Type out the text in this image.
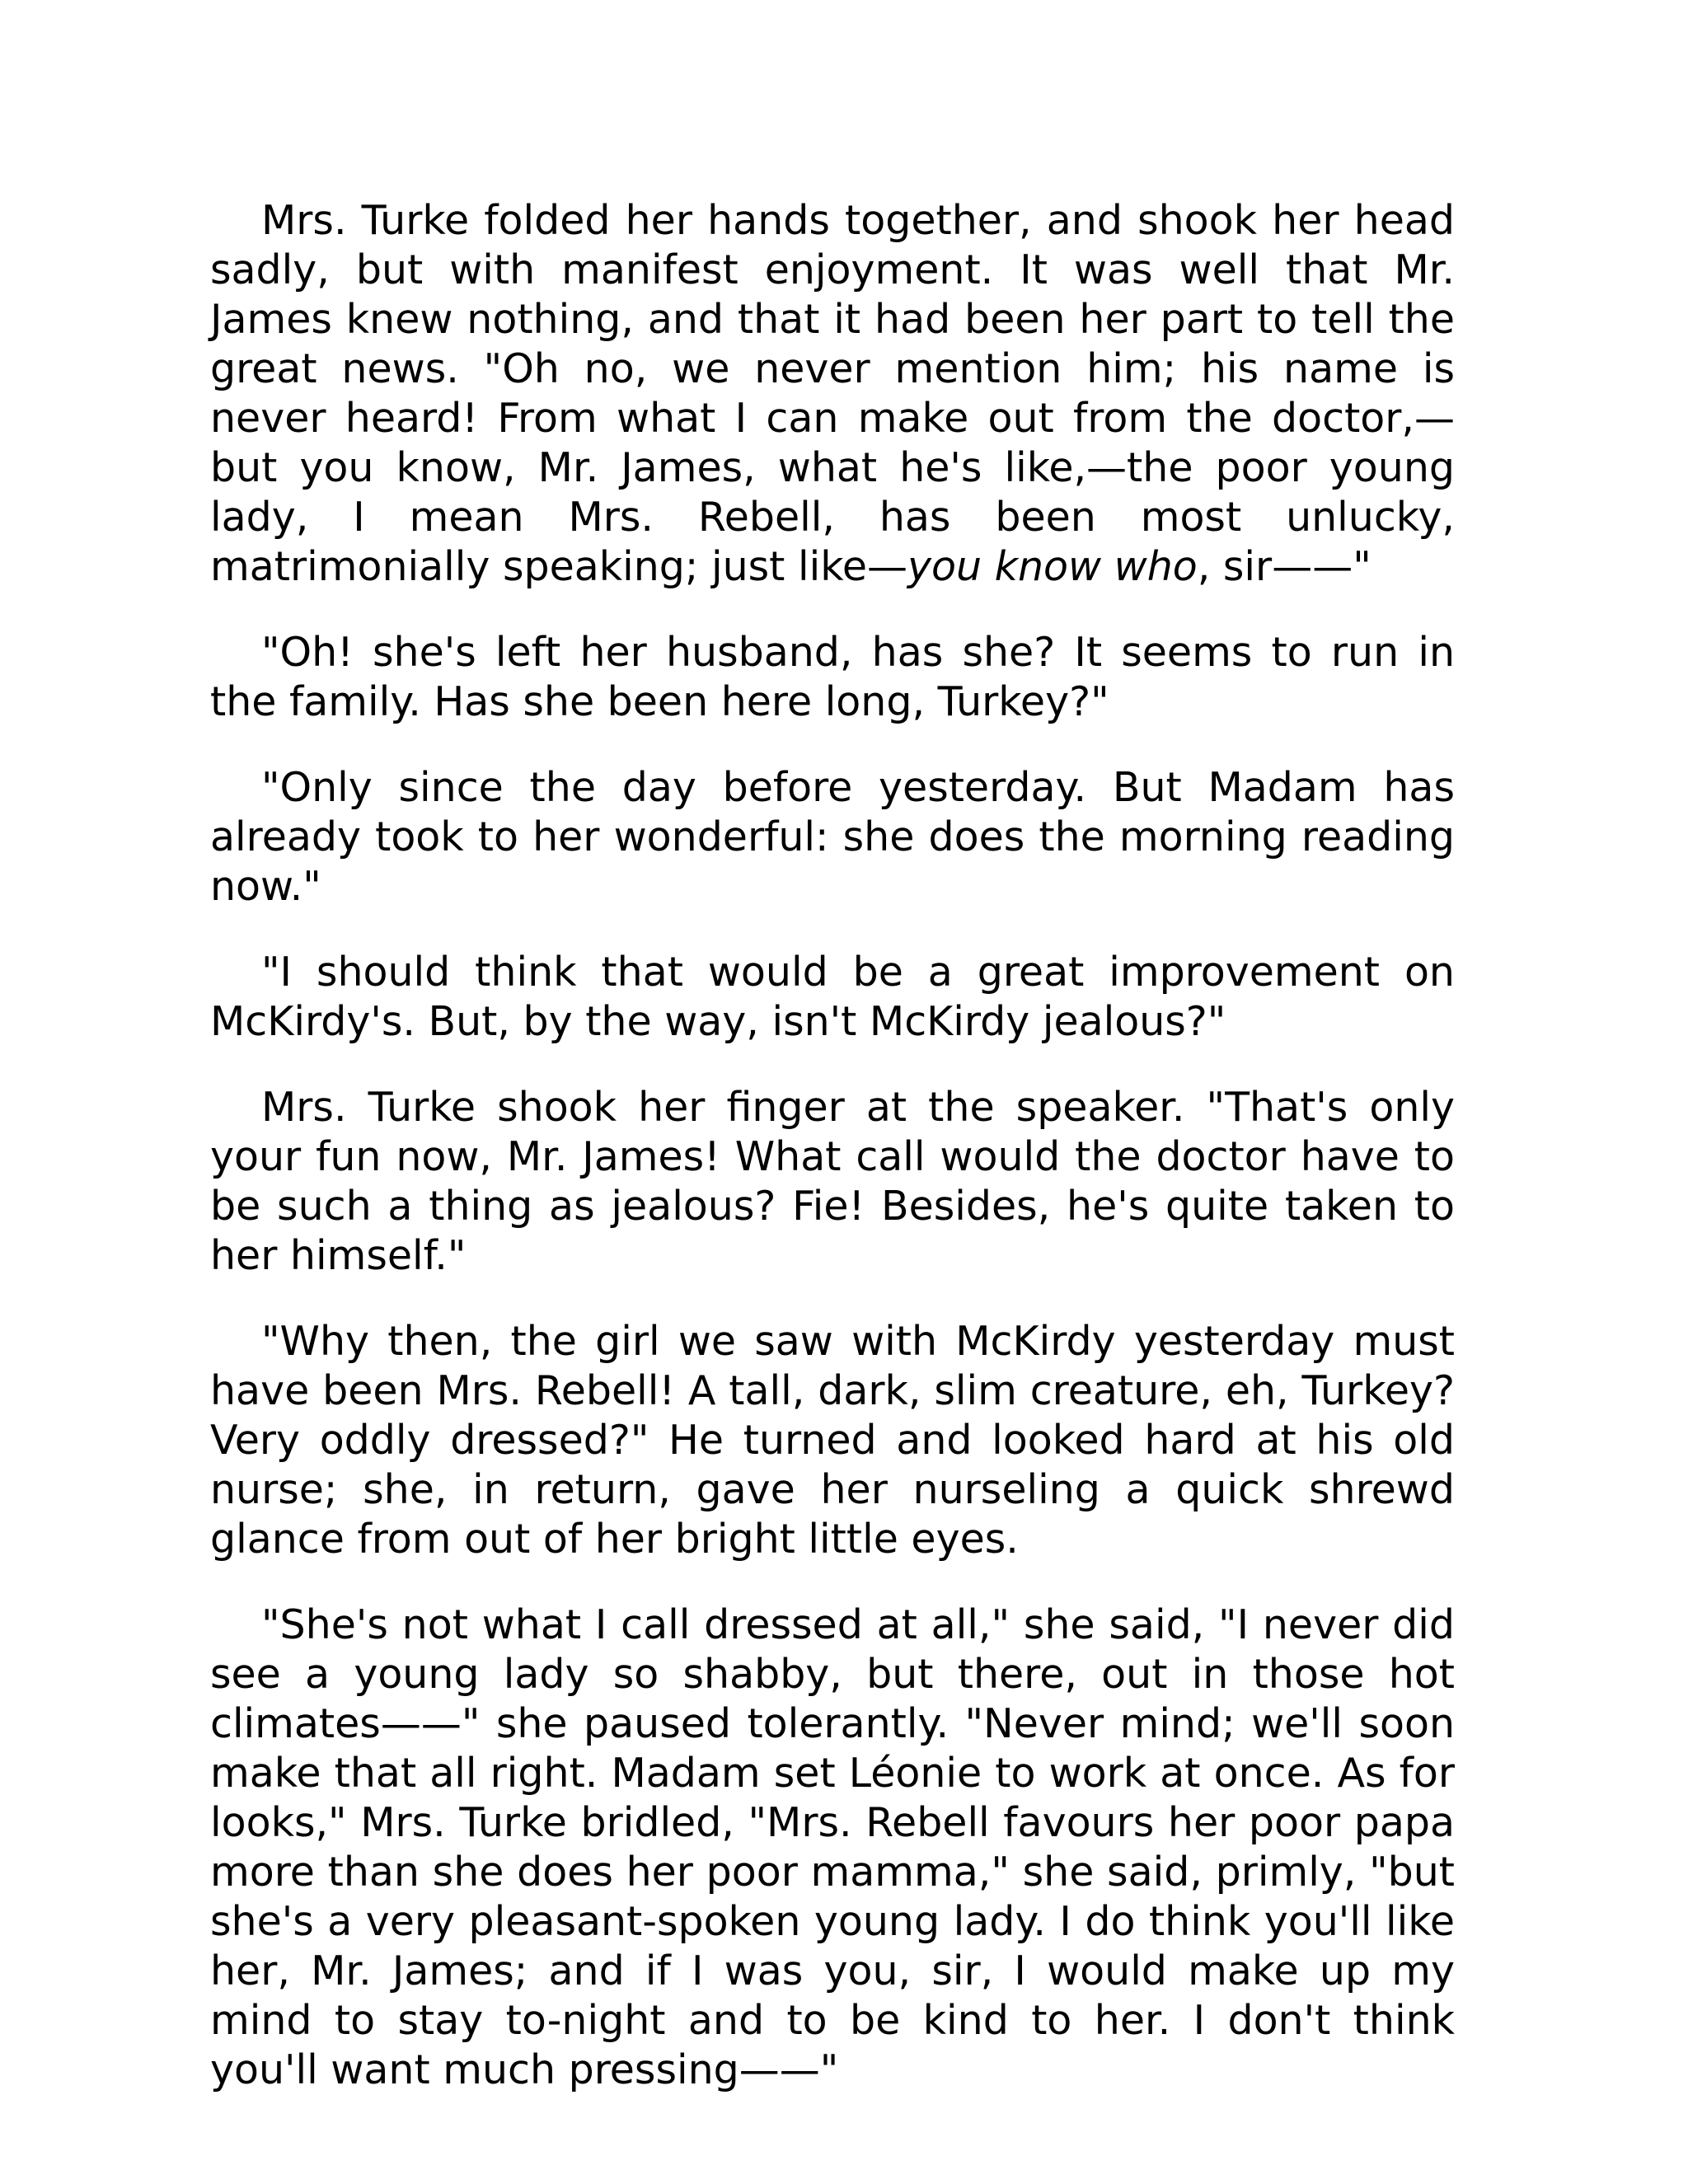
Mrs. Turke folded her hands together, and shook her head sadly, but with manifest enjoyment. It was well that Mr. James knew nothing, and that it had been her part to tell the great news. "Oh no, we never mention him; his name is never heard! From what I can make out from the doctor,—but you know, Mr. James, what he's like,—the poor young lady, I mean Mrs. Rebell, has been most unlucky, matrimonially speaking; just like—you know who, sir——"

"Oh! she's left her husband, has she? It seems to run in the family. Has she been here long, Turkey?"

"Only since the day before yesterday. But Madam has already took to her wonderful: she does the morning reading now."

"I should think that would be a great improvement on McKirdy's. But, by the way, isn't McKirdy jealous?"

Mrs. Turke shook her finger at the speaker. "That's only your fun now, Mr. James! What call would the doctor have to be such a thing as jealous? Fie! Besides, he's quite taken to her himself."

"Why then, the girl we saw with McKirdy yesterday must have been Mrs. Rebell! A tall, dark, slim creature, eh, Turkey? Very oddly dressed?" He turned and looked hard at his old nurse; she, in return, gave her nurseling a quick shrewd glance from out of her bright little eyes.

"She's not what I call dressed at all," she said, "I never did see a young lady so shabby, but there, out in those hot climates——" she paused tolerantly. "Never mind; we'll soon make that all right. Madam set Léonie to work at once. As for looks," Mrs. Turke bridled, "Mrs. Rebell favours her poor papa more than she does her poor mamma," she said, primly, "but she's a very pleasant-spoken young lady. I do think you'll like her, Mr. James; and if I was you, sir, I would make up my mind to stay to-night and to be kind to her. I don't think you'll want much pressing——"
